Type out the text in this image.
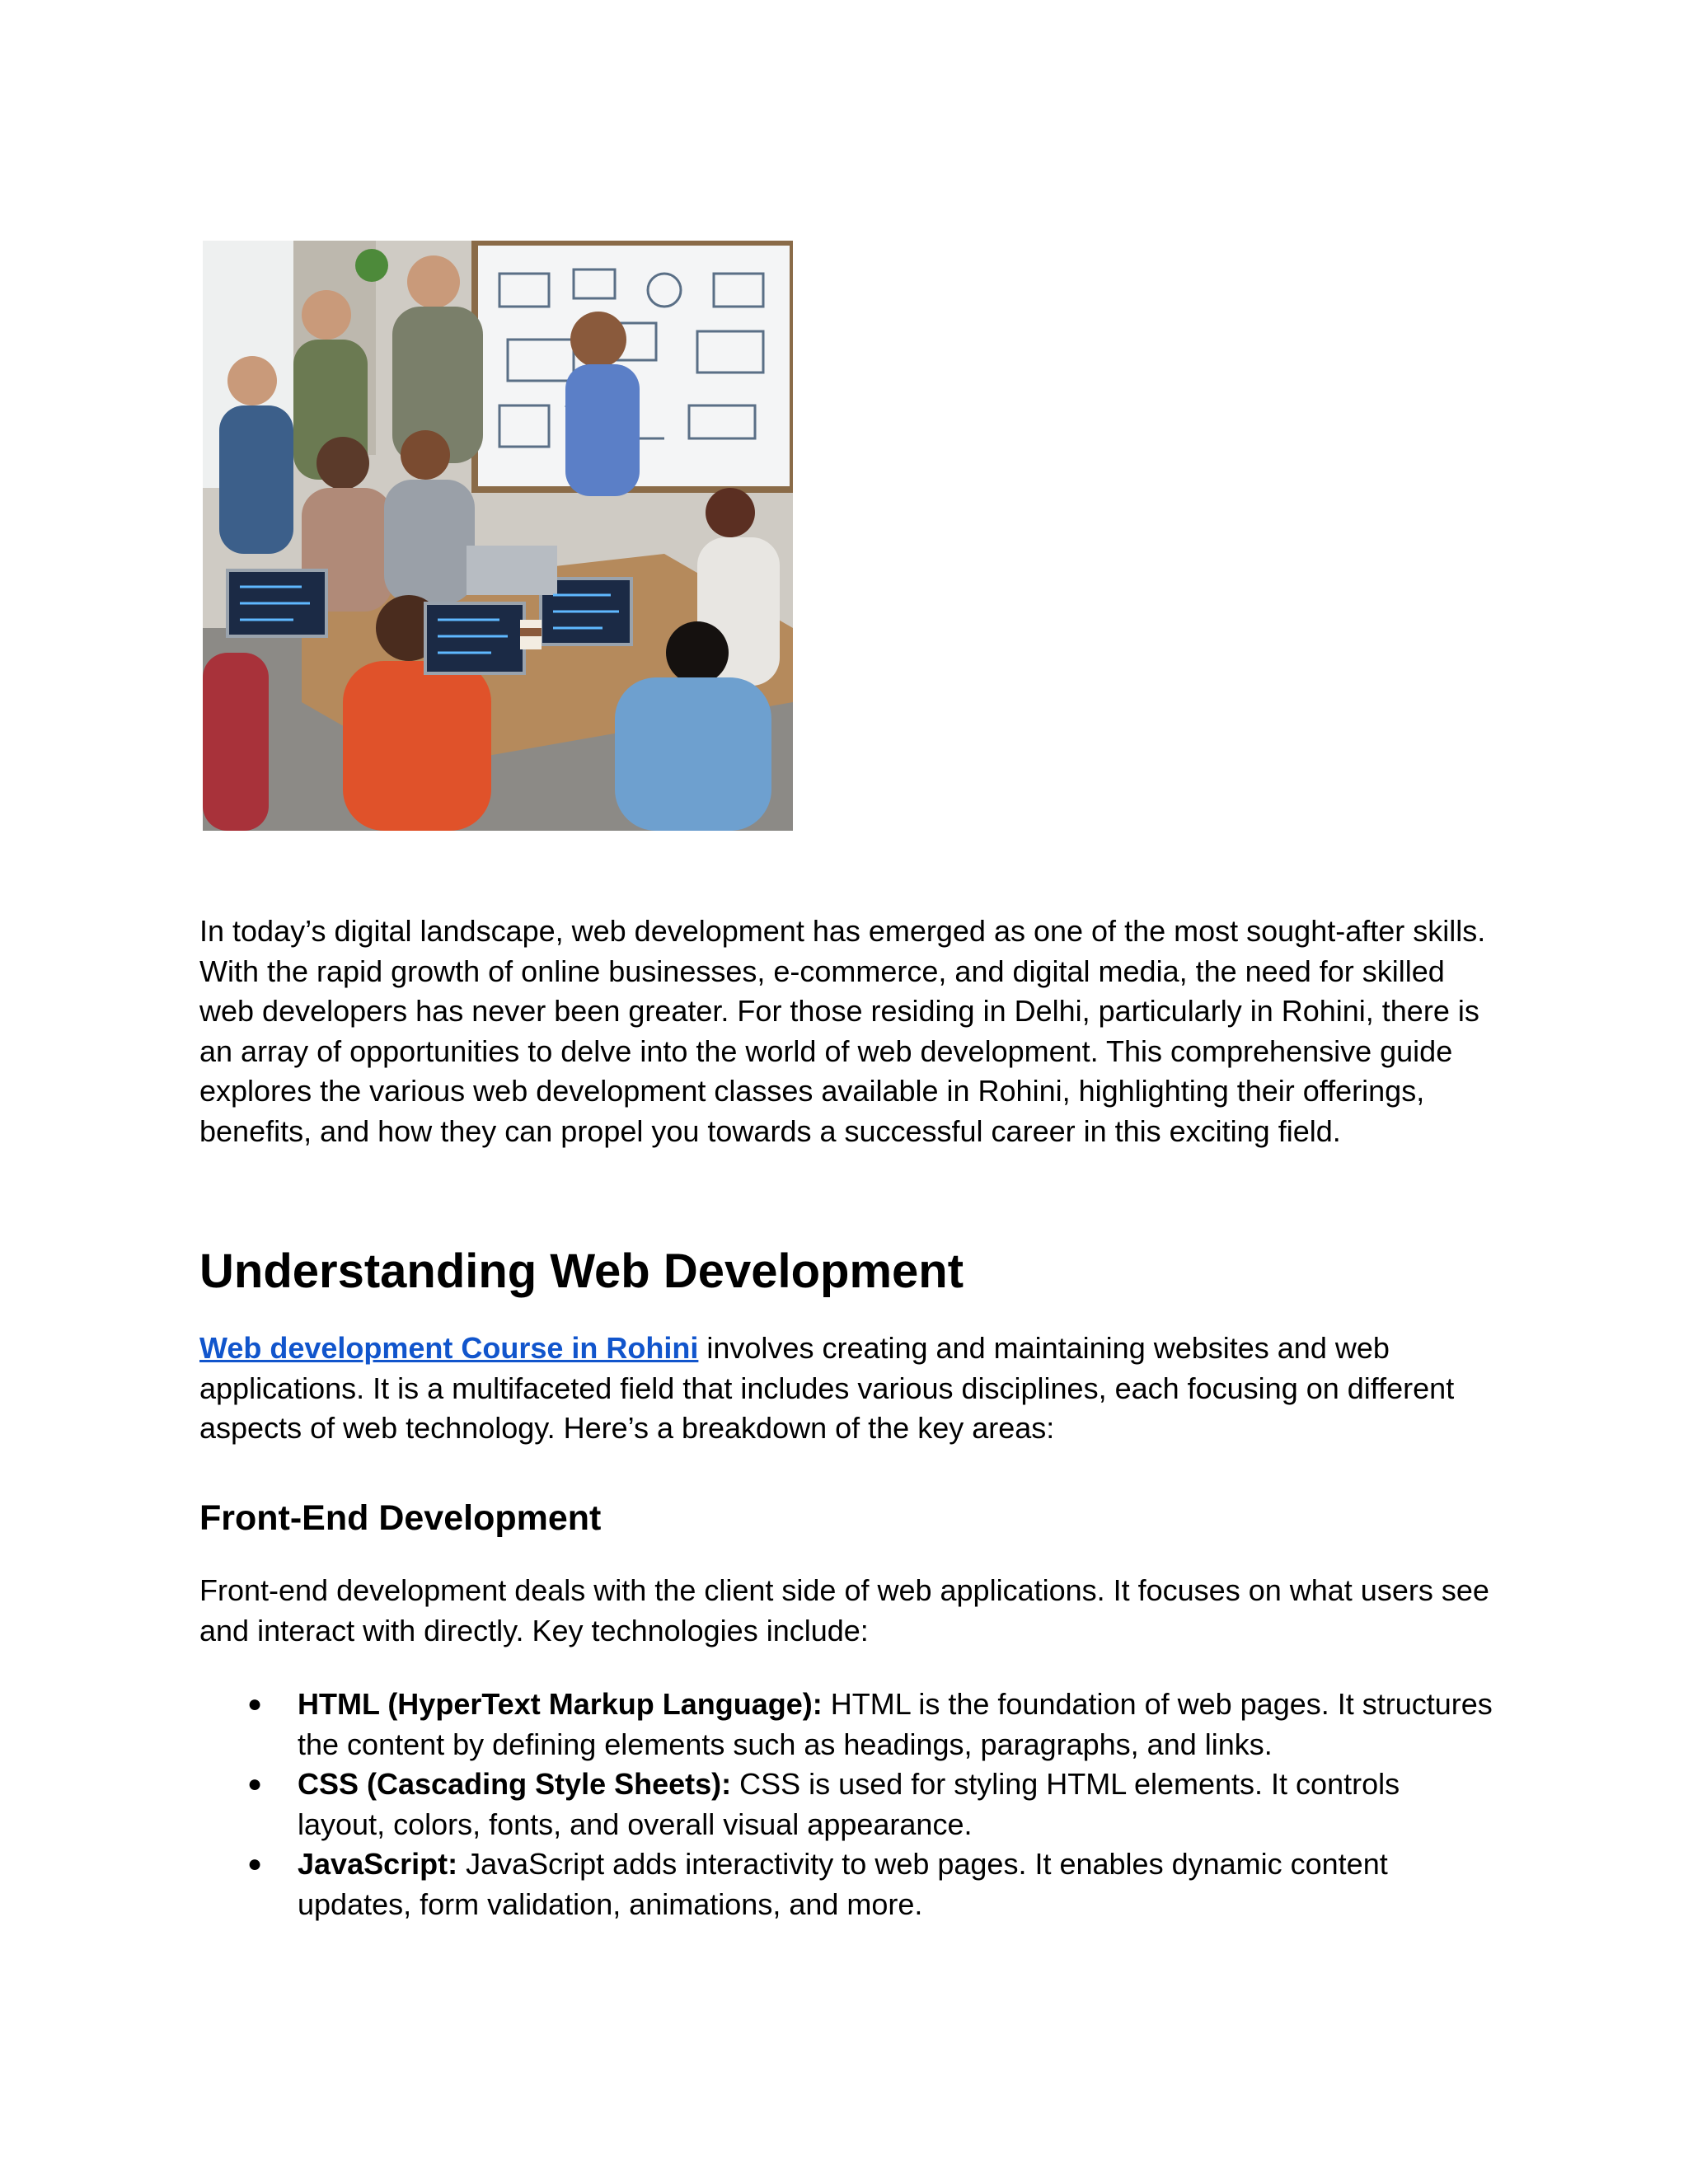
In today’s digital landscape, web development has emerged as one of the most sought-after skills. With the rapid growth of online businesses, e-commerce, and digital media, the need for skilled web developers has never been greater. For those residing in Delhi, particularly in Rohini, there is an array of opportunities to delve into the world of web development. This comprehensive guide explores the various web development classes available in Rohini, highlighting their offerings, benefits, and how they can propel you towards a successful career in this exciting field.

Understanding Web Development

Web development Course in Rohini involves creating and maintaining websites and web applications. It is a multifaceted field that includes various disciplines, each focusing on different aspects of web technology. Here’s a breakdown of the key areas:

Front-End Development

Front-end development deals with the client side of web applications. It focuses on what users see and interact with directly. Key technologies include:

● HTML (HyperText Markup Language): HTML is the foundation of web pages. It structures the content by defining elements such as headings, paragraphs, and links.
● CSS (Cascading Style Sheets): CSS is used for styling HTML elements. It controls layout, colors, fonts, and overall visual appearance.
● JavaScript: JavaScript adds interactivity to web pages. It enables dynamic content updates, form validation, animations, and more.
